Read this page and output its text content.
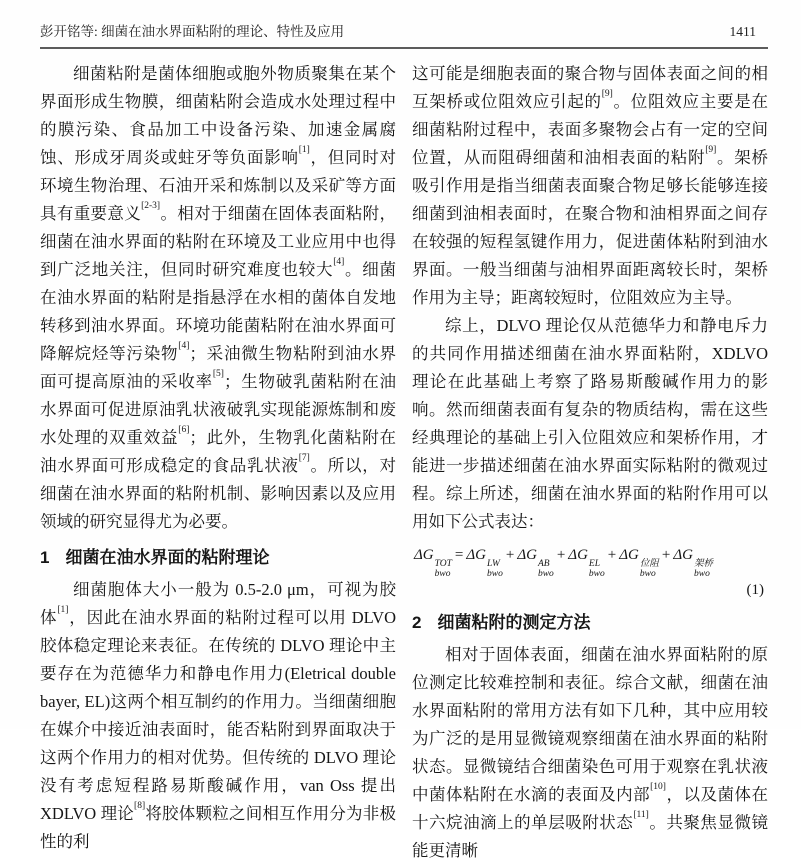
彭开铭等: 细菌在油水界面粘附的理论、特性及应用	1411

细菌粘附是菌体细胞或胞外物质聚集在某个界面形成生物膜，细菌粘附会造成水处理过程中的膜污染、食品加工中设备污染、加速金属腐蚀、形成牙周炎或蛀牙等负面影响[1]，但同时对环境生物治理、石油开采和炼制以及采矿等方面具有重要意义[2-3]。相对于细菌在固体表面粘附，细菌在油水界面的粘附在环境及工业应用中也得到广泛地关注，但同时研究难度也较大[4]。细菌在油水界面的粘附是指悬浮在水相的菌体自发地转移到油水界面。环境功能菌粘附在油水界面可降解烷烃等污染物[4]；采油微生物粘附到油水界面可提高原油的采收率[5]；生物破乳菌粘附在油水界面可促进原油乳状液破乳实现能源炼制和废水处理的双重效益[6]；此外，生物乳化菌粘附在油水界面可形成稳定的食品乳状液[7]。所以，对细菌在油水界面的粘附机制、影响因素以及应用领域的研究显得尤为必要。

1 细菌在油水界面的粘附理论

细菌胞体大小一般为 0.5-2.0 μm，可视为胶体[1]，因此在油水界面的粘附过程可以用 DLVO 胶体稳定理论来表征。在传统的 DLVO 理论中主要存在为范德华力和静电作用力(Eletrical double bayer, EL)这两个相互制约的作用力。当细菌细胞在媒介中接近油表面时，能否粘附到界面取决于这两个作用力的相对优势。但传统的 DLVO 理论没有考虑短程路易斯酸碱作用，van Oss 提出 XDLVO 理论[8]将胶体颗粒之间相互作用分为非极性的利

这可能是细胞表面的聚合物与固体表面之间的相互架桥或位阻效应引起的[9]。位阻效应主要是在细菌粘附过程中，表面多聚物会占有一定的空间位置，从而阻碍细菌和油相表面的粘附[9]。架桥吸引作用是指当细菌表面聚合物足够长能够连接细菌到油相表面时，在聚合物和油相界面之间存在较强的短程氢键作用力，促进菌体粘附到油水界面。一般当细菌与油相界面距离较长时，架桥作用为主导；距离较短时，位阻效应为主导。

综上，DLVO 理论仅从范德华力和静电斥力的共同作用描述细菌在油水界面粘附，XDLVO 理论在此基础上考察了路易斯酸碱作用力的影响。然而细菌表面有复杂的物质结构，需在这些经典理论的基础上引入位阻效应和架桥作用，才能进一步描述细菌在油水界面实际粘附的微观过程。综上所述，细菌在油水界面的粘附作用可以用如下公式表达：

ΔG
TOT
bwo
= ΔG
LW
bwo
+ ΔG
AB
bwo
+ ΔG
EL
bwo
+ ΔG
位阻
bwo
+ ΔG
架桥
bwo
(1)
2 细菌粘附的测定方法

相对于固体表面，细菌在油水界面粘附的原位测定比较难控制和表征。综合文献，细菌在油水界面粘附的常用方法有如下几种，其中应用较为广泛的是用显微镜观察细菌在油水界面的粘附状态。显微镜结合细菌染色可用于观察在乳状液中菌体粘附在水滴的表面及内部[10]，以及菌体在十六烷油滴上的单层吸附状态[11]。共聚焦显微镜能更清晰
